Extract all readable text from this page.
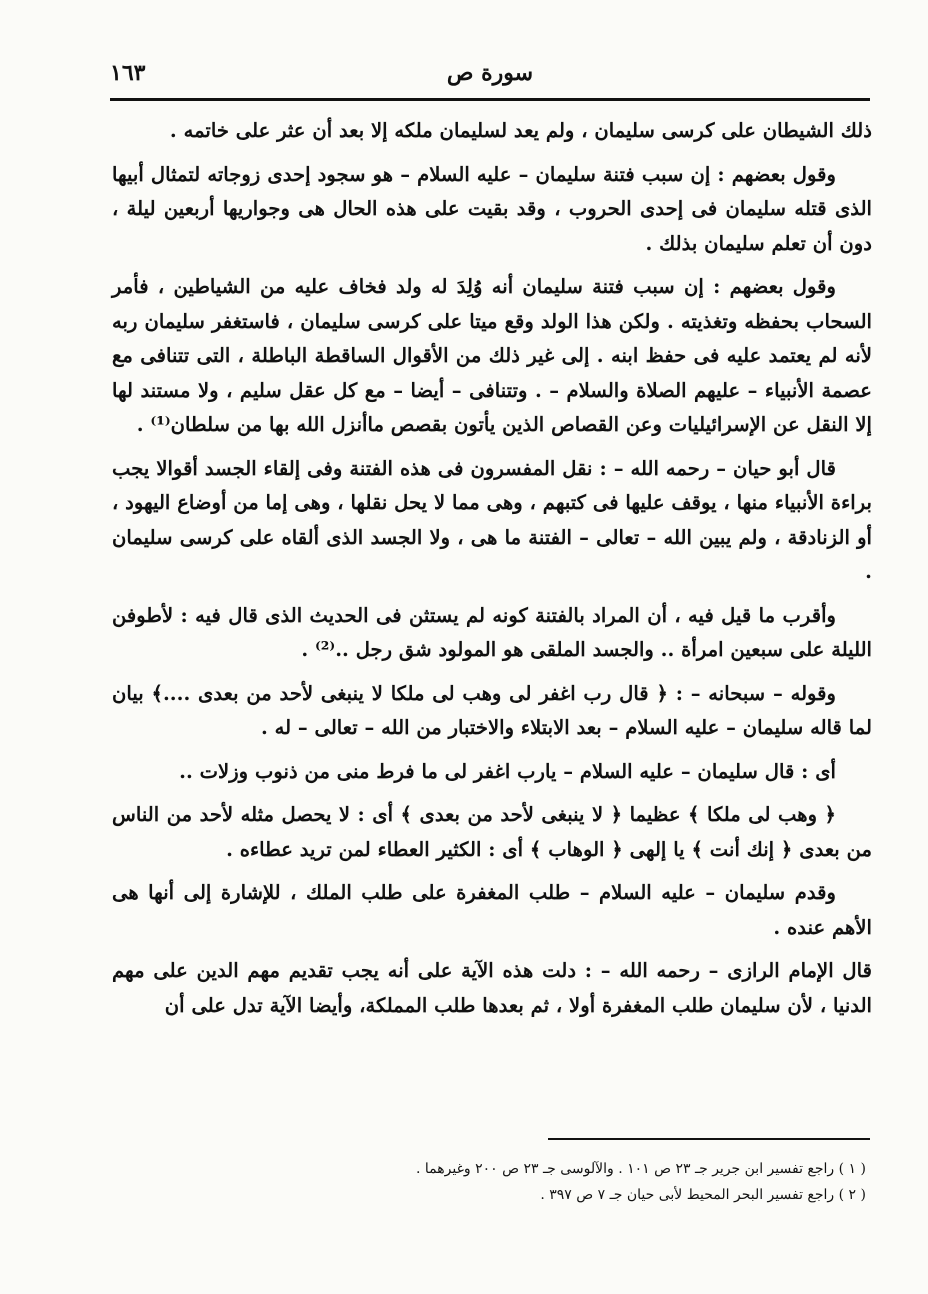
١٦٣	سورة ص

ذلك الشيطان على كرسى سليمان ، ولم يعد لسليمان ملكه إلا بعد أن عثر على خاتمه .

وقول بعضهم : إن سبب فتنة سليمان – عليه السلام – هو سجود إحدى زوجاته لتمثال أبيها الذى قتله سليمان فى إحدى الحروب ، وقد بقيت على هذه الحال هى وجواريها أربعين ليلة ، دون أن تعلم سليمان بذلك .

وقول بعضهم : إن سبب فتنة سليمان أنه وُلِدَ له ولد فخاف عليه من الشياطين ، فأمر السحاب بحفظه وتغذيته . ولكن هذا الولد وقع ميتا على كرسى سليمان ، فاستغفر سليمان ربه لأنه لم يعتمد عليه فى حفظ ابنه . إلى غير ذلك من الأقوال الساقطة الباطلة ، التى تتنافى مع عصمة الأنبياء – عليهم الصلاة والسلام – . وتتنافى – أيضا – مع كل عقل سليم ، ولا مستند لها إلا النقل عن الإسرائيليات وعن القصاص الذين يأتون بقصص ماأنزل الله بها من سلطان⁽¹⁾ .

قال أبو حيان – رحمه الله – : نقل المفسرون فى هذه الفتنة وفى إلقاء الجسد أقوالا يجب براءة الأنبياء منها ، يوقف عليها فى كتبهم ، وهى مما لا يحل نقلها ، وهى إما من أوضاع اليهود ، أو الزنادقة ، ولم يبين الله – تعالى – الفتنة ما هى ، ولا الجسد الذى ألقاه على كرسى سليمان .

وأقرب ما قيل فيه ، أن المراد بالفتنة كونه لم يستثن فى الحديث الذى قال فيه : لأطوفن الليلة على سبعين امرأة .. والجسد الملقى هو المولود شق رجل ..⁽²⁾ .

وقوله – سبحانه – : ﴿ قال رب اغفر لى وهب لى ملكا لا ينبغى لأحد من بعدى ....﴾ بيان لما قاله سليمان – عليه السلام – بعد الابتلاء والاختبار من الله – تعالى – له .

أى : قال سليمان – عليه السلام – يارب اغفر لى ما فرط منى من ذنوب وزلات ..

﴿ وهب لى ملكا ﴾ عظيما ﴿ لا ينبغى لأحد من بعدى ﴾ أى : لا يحصل مثله لأحد من الناس من بعدى ﴿ إنك أنت ﴾ يا إلهى ﴿ الوهاب ﴾ أى : الكثير العطاء لمن تريد عطاءه .

وقدم سليمان – عليه السلام – طلب المغفرة على طلب الملك ، للإشارة إلى أنها هى الأهم عنده .

قال الإمام الرازى – رحمه الله – : دلت هذه الآية على أنه يجب تقديم مهم الدين على مهم الدنيا ، لأن سليمان طلب المغفرة أولا ، ثم بعدها طلب المملكة، وأيضا الآية تدل على أن

( ١ ) راجع تفسير ابن جرير جـ ٢٣ ص ١٠١ . والآلوسى جـ ٢٣ ص ٢٠٠ وغيرهما .
( ٢ ) راجع تفسير البحر المحيط لأبى حيان جـ ٧ ص ٣٩٧ .
